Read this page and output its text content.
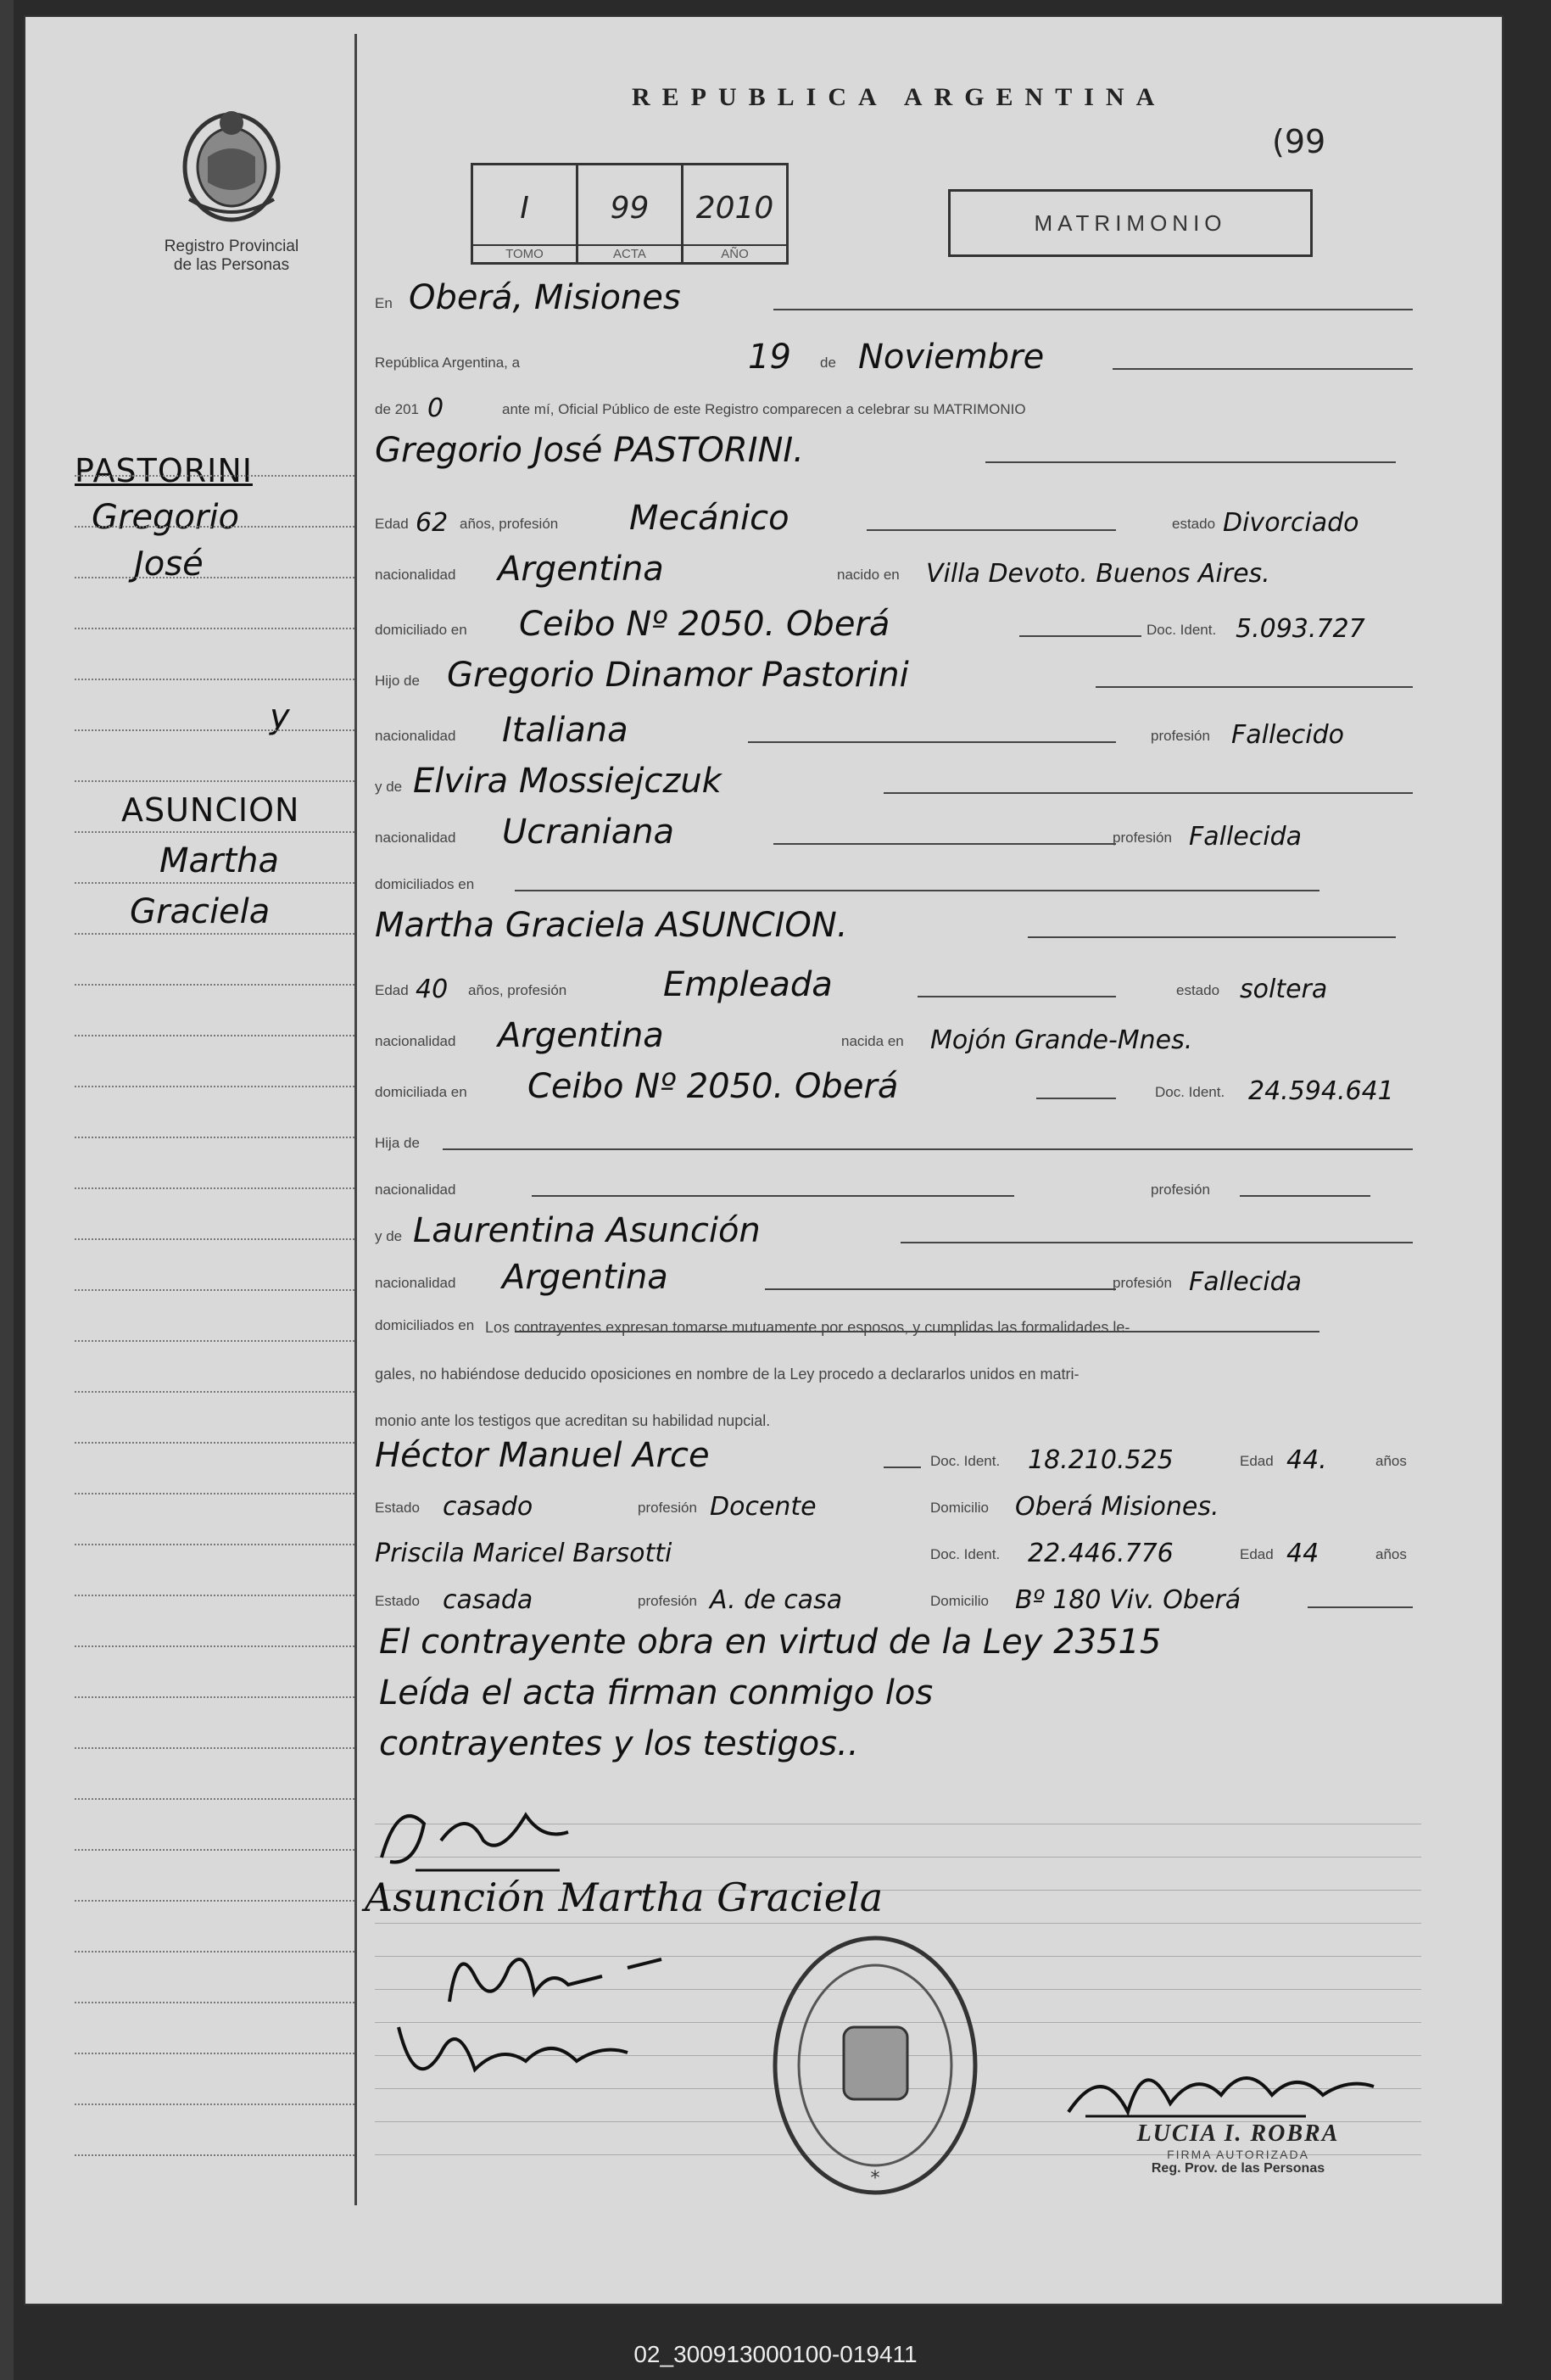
Registro Provincial
de las Personas
PASTORINI
Gregorio
José
y
ASUNCION
Martha
Graciela
REPUBLICA ARGENTINA
(99
I
TOMO
99
ACTA
2010
AÑO
MATRIMONIO
En Oberá, Misiones
República Argentina, a	19 de Noviembre
de 201 0	ante mí, Oficial Público de este Registro comparecen a celebrar su MATRIMONIO
Gregorio José PASTORINI.
Edad 62 años, profesión Mecánico	estado Divorciado
nacionalidad Argentina	nacido en Villa Devoto. Buenos Aires.
domiciliado en Ceibo Nº 2050. Oberá	Doc. Ident. 5.093.727
Hijo de Gregorio Dinamor Pastorini
nacionalidad Italiana	profesión Fallecido
y de Elvira Mossiejczuk
nacionalidad Ucraniana	profesión Fallecida
domiciliados en
Martha Graciela ASUNCION.
Edad 40 años, profesión	Empleada	estado soltera
nacionalidad Argentina	nacida en Mojón Grande-Mnes.
domiciliada en Ceibo Nº 2050. Oberá	Doc. Ident. 24.594.641
Hija de
nacionalidad	profesión
y de Laurentina Asunción
nacionalidad Argentina	profesión Fallecida
domiciliados en Los contrayentes expresan tomarse mutuamente por esposos, y cumplidas las formalidades le-
gales, no habiéndose deducido oposiciones en nombre de la Ley procedo a declararlos unidos en matri-
monio ante los testigos que acreditan su habilidad nupcial.
Héctor Manuel Arce	Doc. Ident. 18.210.525	Edad 44.	años
Estado casado	profesión Docente	Domicilio Oberá Misiones.
Priscila Maricel Barsotti	Doc. Ident. 22.446.776	Edad 44	años
Estado casada	profesión A. de casa	Domicilio Bº 180 Viv. Oberá
El contrayente obra en virtud de la Ley 23515
Leída el acta firman conmigo los
contrayentes y los testigos..
Asunción Martha Graciela
*
LUCIA I. ROBRA
FIRMA AUTORIZADA
Reg. Prov. de las Personas
02_300913000100-019411
